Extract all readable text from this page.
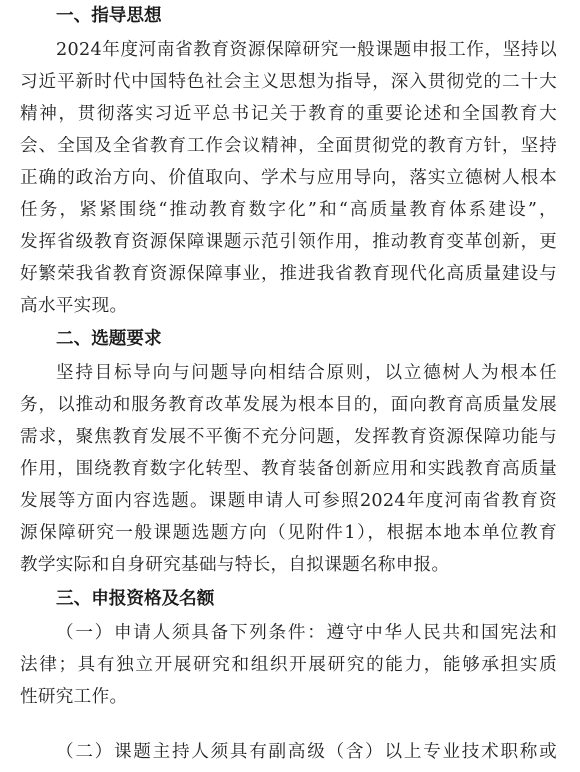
一、指导思想
2024年度河南省教育资源保障研究一般课题申报工作，坚持以
习近平新时代中国特色社会主义思想为指导，深入贯彻党的二十大
精神，贯彻落实习近平总书记关于教育的重要论述和全国教育大
会、全国及全省教育工作会议精神，全面贯彻党的教育方针，坚持
正确的政治方向、价值取向、学术与应用导向，落实立德树人根本
任务，紧紧围绕“推动教育数字化”和“高质量教育体系建设”，
发挥省级教育资源保障课题示范引领作用，推动教育变革创新，更
好繁荣我省教育资源保障事业，推进我省教育现代化高质量建设与
高水平实现。
二、选题要求
坚持目标导向与问题导向相结合原则，以立德树人为根本任
务，以推动和服务教育改革发展为根本目的，面向教育高质量发展
需求，聚焦教育发展不平衡不充分问题，发挥教育资源保障功能与
作用，围绕教育数字化转型、教育装备创新应用和实践教育高质量
发展等方面内容选题。课题申请人可参照2024年度河南省教育资
源保障研究一般课题选题方向（见附件1），根据本地本单位教育
教学实际和自身研究基础与特长，自拟课题名称申报。
三、申报资格及名额
（一）申请人须具备下列条件：遵守中华人民共和国宪法和
法律；具有独立开展研究和组织开展研究的能力，能够承担实质
性研究工作。
（二）课题主持人须具有副高级（含）以上专业技术职称或
